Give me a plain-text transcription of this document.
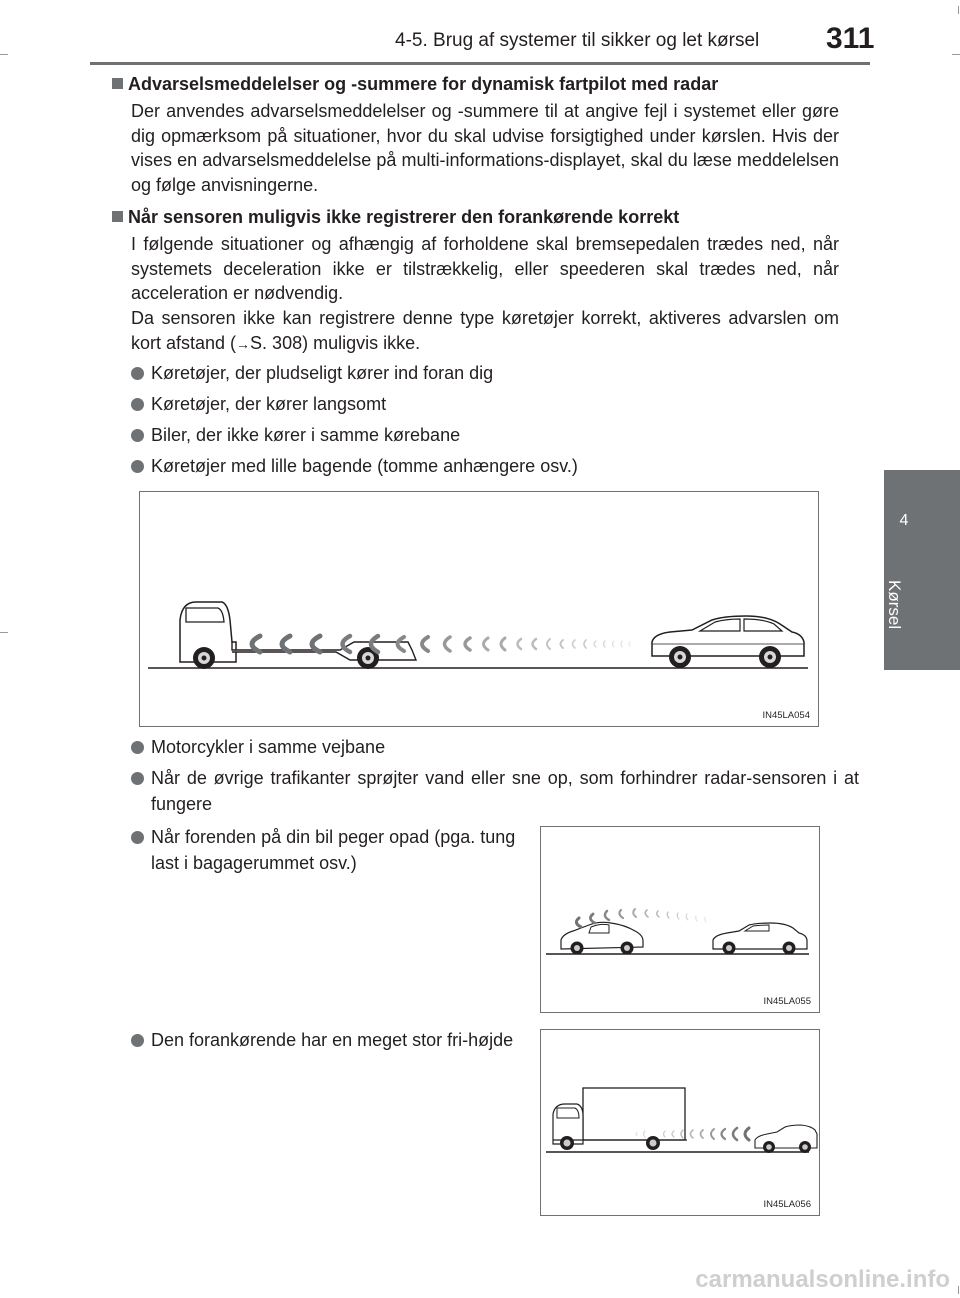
4-5. Brug af systemer til sikker og let kørsel 311
4
Kørsel
Advarselsmeddelelser og -summere for dynamisk fartpilot med radar
Der anvendes advarselsmeddelelser og -summere til at angive fejl i systemet eller gøre dig opmærksom på situationer, hvor du skal udvise forsigtighed under kørslen. Hvis der vises en advarselsmeddelelse på multi-informations-displayet, skal du læse meddelelsen og følge anvisningerne.
Når sensoren muligvis ikke registrerer den forankørende korrekt
I følgende situationer og afhængig af forholdene skal bremsepedalen trædes ned, når systemets deceleration ikke er tilstrækkelig, eller speederen skal trædes ned, når acceleration er nødvendig.
Da sensoren ikke kan registrere denne type køretøjer korrekt, aktiveres advarslen om kort afstand (→S. 308) muligvis ikke.
Køretøjer, der pludseligt kører ind foran dig
Køretøjer, der kører langsomt
Biler, der ikke kører i samme kørebane
Køretøjer med lille bagende (tomme anhængere osv.)
IN45LA054
Motorcykler i samme vejbane
Når de øvrige trafikanter sprøjter vand eller sne op, som forhindrer radar-sensoren i at fungere
Når forenden på din bil peger opad (pga. tung last i bagagerummet osv.)
IN45LA055
Den forankørende har en meget stor fri-højde
IN45LA056
carmanualsonline.info
